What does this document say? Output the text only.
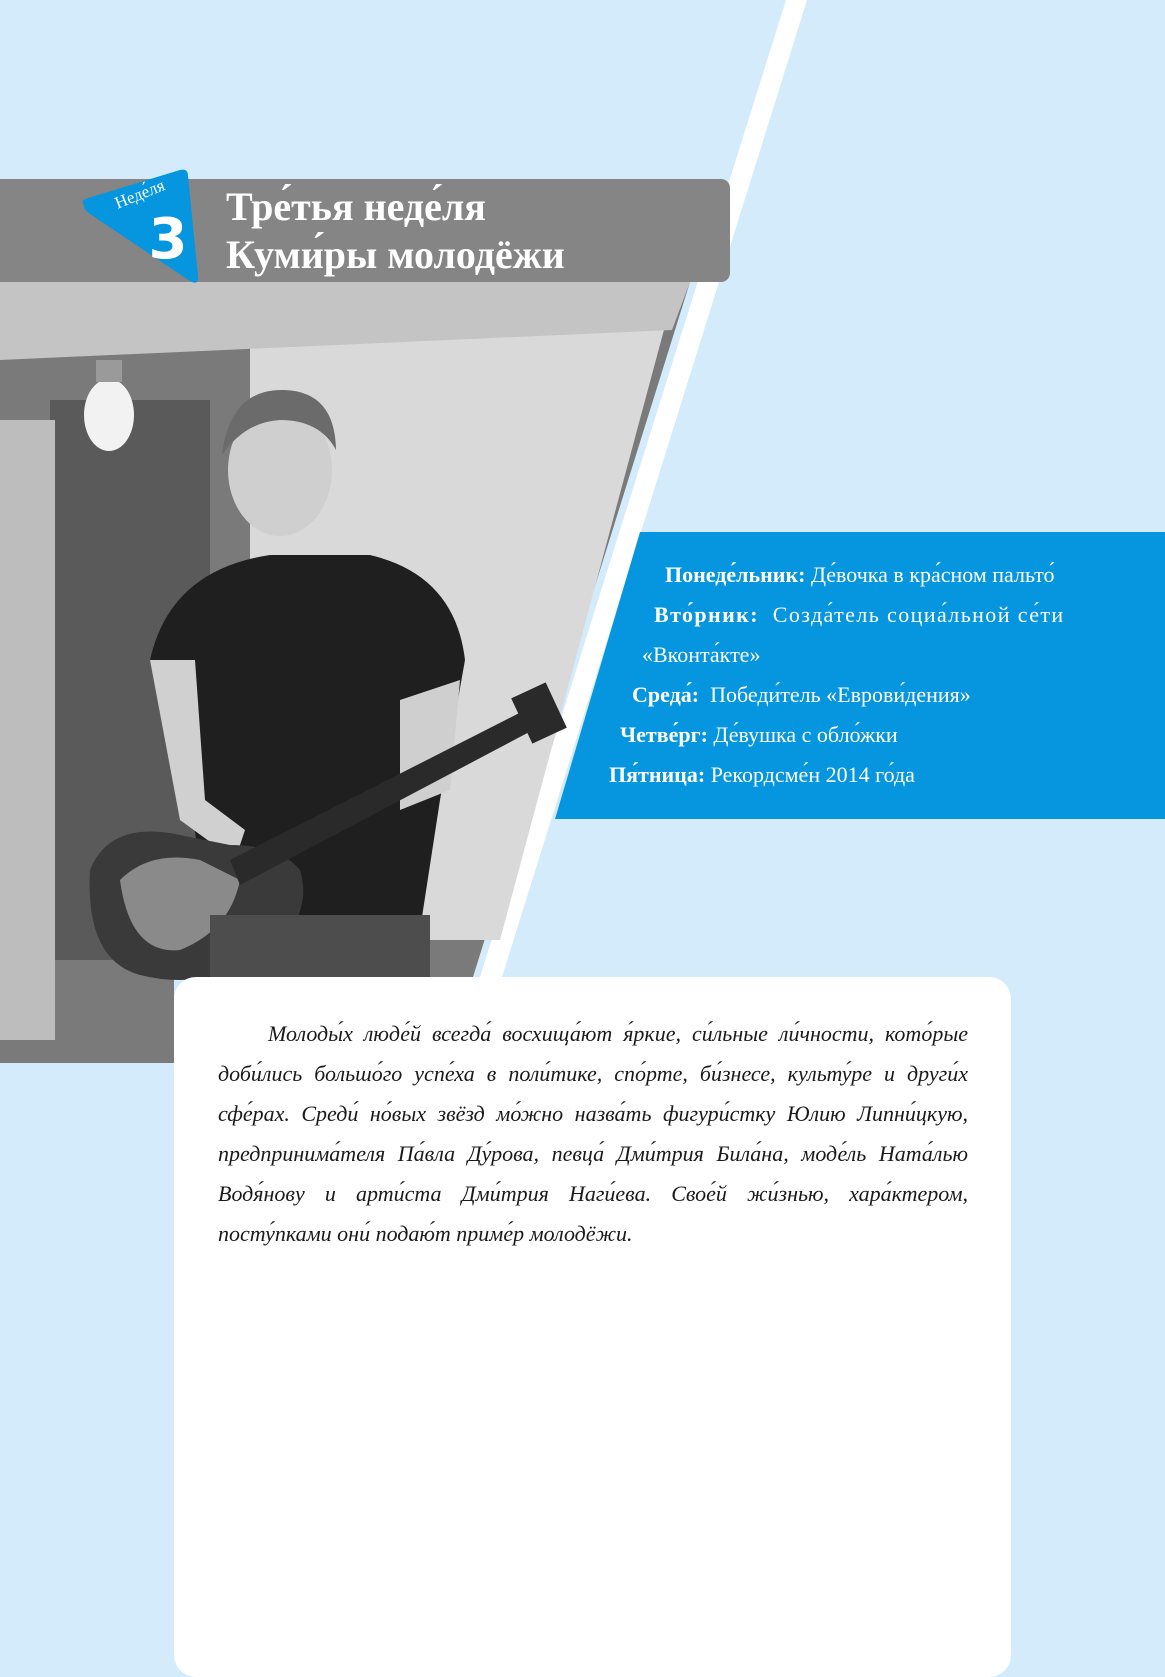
Неде́ля
3
Тре́тья неде́ля
Куми́ры молодёжи
Понеде́льник: Де́вочка в кра́сном пальто́
Вто́рник: Созда́тель социа́льной се́ти
«Вконта́кте»
Среда́: Победи́тель «Еврови́дения»
Четве́рг: Де́вушка с обло́жки
Пя́тница: Рекордсме́н 2014 го́да

Молоды́х люде́й всегда́ восхища́ют я́ркие, си́льные ли́чности, кото́рые доби́лись большо́го успе́ха в поли́тике, спо́рте, би́знесе, культу́ре и други́х сфе́рах. Среди́ но́вых звёзд мо́жно назва́ть фигури́стку Юлию Липни́цкую, предпринима́теля Па́вла Ду́рова, певца́ Дми́трия Била́на, моде́ль Ната́лью Водя́нову и арти́ста Дми́трия Наги́ева. Свое́й жи́знью, хара́ктером, посту́пками они́ подаю́т приме́р молодёжи.
